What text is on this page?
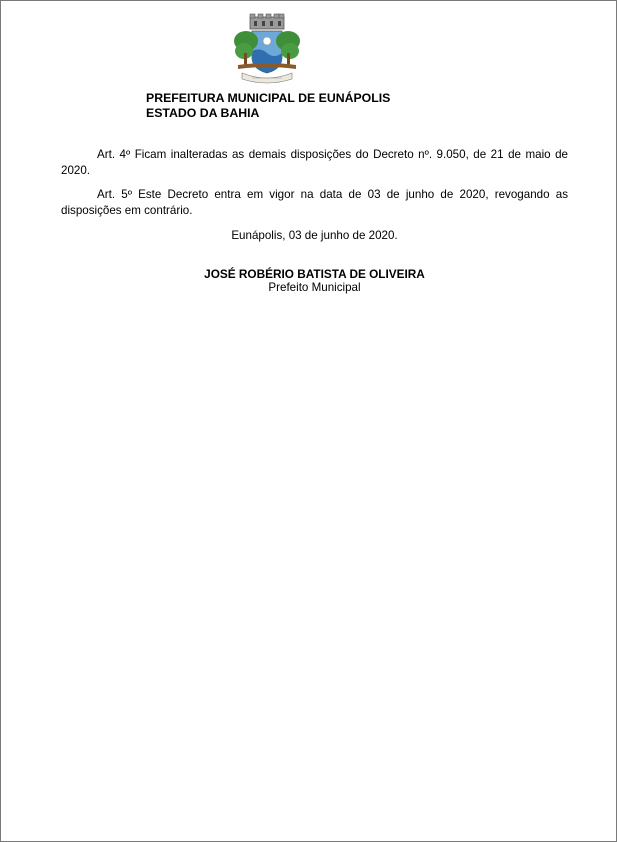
PREFEITURA MUNICIPAL DE EUNÁPOLIS
ESTADO DA BAHIA

Art. 4º Ficam inalteradas as demais disposições do Decreto nº. 9.050, de 21 de maio de 2020.

Art. 5º Este Decreto entra em vigor na data de 03 de junho de 2020, revogando as disposições em contrário.

Eunápolis, 03 de junho de 2020.
JOSÉ ROBÉRIO BATISTA DE OLIVEIRA
Prefeito Municipal
